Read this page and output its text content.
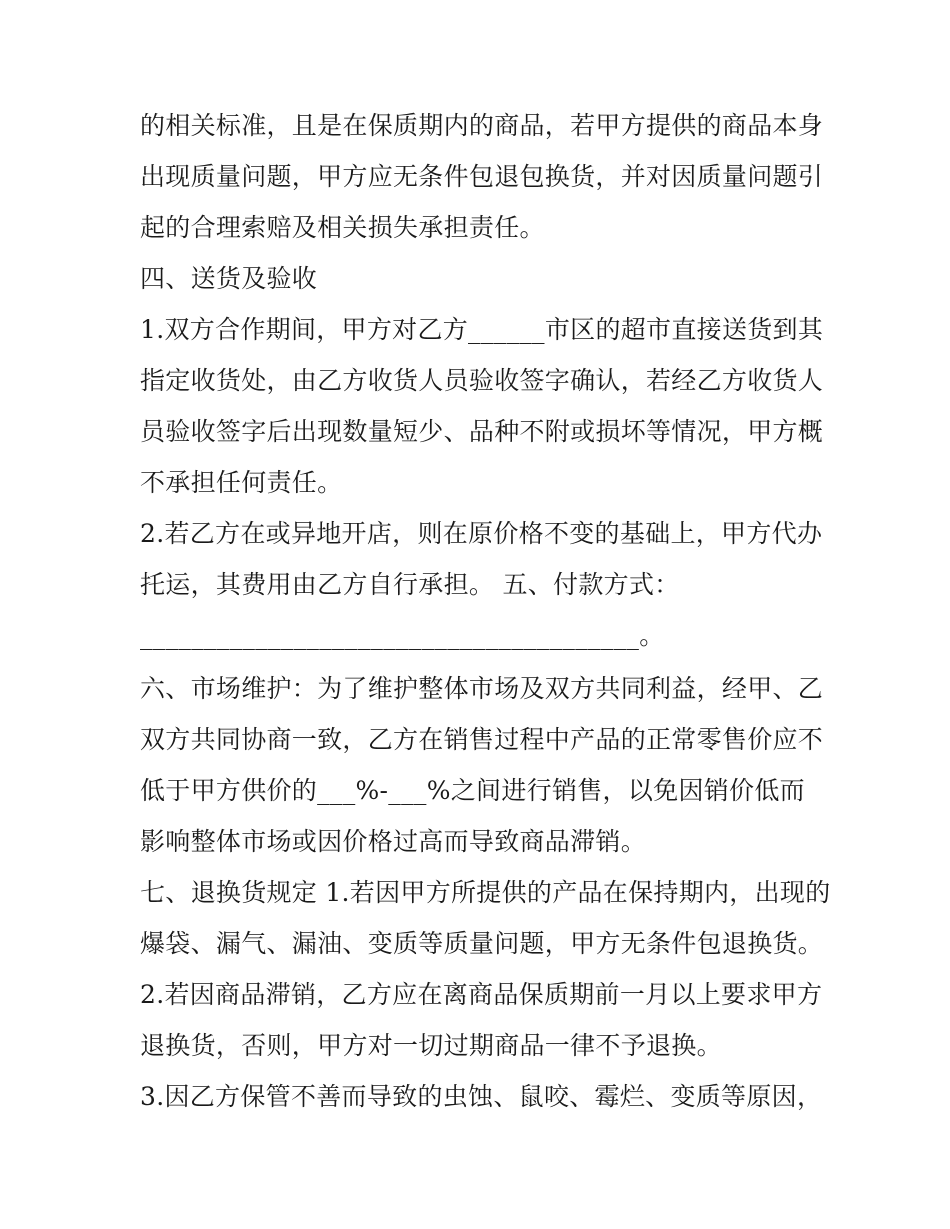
的相关标准，且是在保质期内的商品，若甲方提供的商品本身
出现质量问题，甲方应无条件包退包换货，并对因质量问题引
起的合理索赔及相关损失承担责任。
四、送货及验收
1.双方合作期间，甲方对乙方______市区的超市直接送货到其
指定收货处，由乙方收货人员验收签字确认，若经乙方收货人
员验收签字后出现数量短少、品种不附或损坏等情况，甲方概
不承担任何责任。
2.若乙方在或异地开店，则在原价格不变的基础上，甲方代办
托运，其费用由乙方自行承担。 五、付款方式：
_______________________________________。
六、市场维护：为了维护整体市场及双方共同利益，经甲、乙
双方共同协商一致，乙方在销售过程中产品的正常零售价应不
低于甲方供价的___%-___%之间进行销售，以免因销价低而
影响整体市场或因价格过高而导致商品滞销。
七、退换货规定 1.若因甲方所提供的产品在保持期内，出现的
爆袋、漏气、漏油、变质等质量问题，甲方无条件包退换货。
2.若因商品滞销，乙方应在离商品保质期前一月以上要求甲方
退换货，否则，甲方对一切过期商品一律不予退换。
3.因乙方保管不善而导致的虫蚀、鼠咬、霉烂、变质等原因，
